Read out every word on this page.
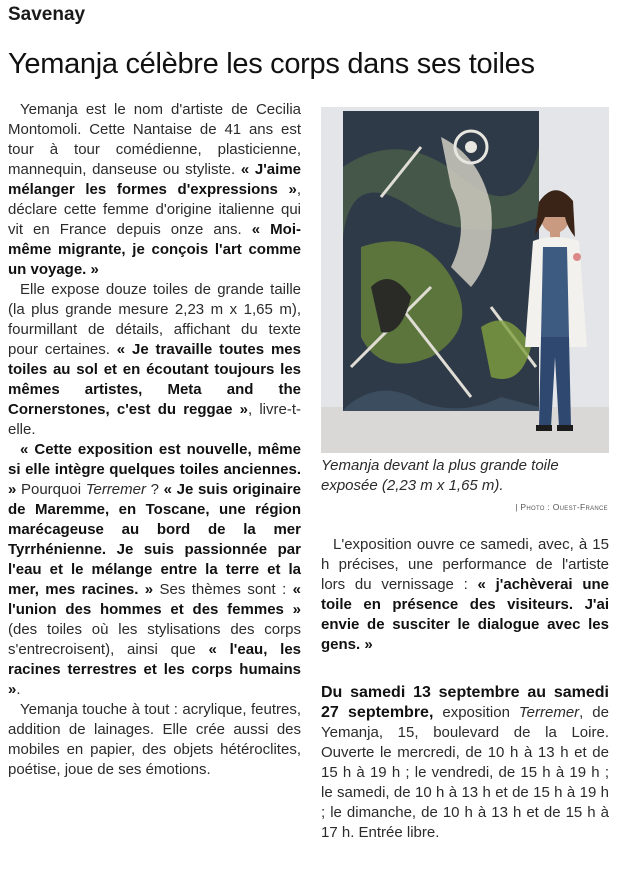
Savenay
Yemanja célèbre les corps dans ses toiles

Yemanja est le nom d'artiste de Cecilia Montomoli. Cette Nantaise de 41 ans est tour à tour comédienne, plasticienne, mannequin, danseuse ou styliste. « J'aime mélanger les formes d'expressions », déclare cette femme d'origine italienne qui vit en France depuis onze ans. « Moi-même migrante, je conçois l'art comme un voyage. »

Elle expose douze toiles de grande taille (la plus grande mesure 2,23 m x 1,65 m), fourmillant de détails, affichant du texte pour certaines. « Je travaille toutes mes toiles au sol et en écoutant toujours les mêmes artistes, Meta and the Cornerstones, c'est du reggae », livre-t-elle.

« Cette exposition est nouvelle, même si elle intègre quelques toiles anciennes. » Pourquoi Terremer ? « Je suis originaire de Maremme, en Toscane, une région marécageuse au bord de la mer Tyrrhénienne. Je suis passionnée par l'eau et le mélange entre la terre et la mer, mes racines. » Ses thèmes sont : « l'union des hommes et des femmes » (des toiles où les stylisations des corps s'entrecroisent), ainsi que « l'eau, les racines terrestres et les corps humains ».

Yemanja touche à tout : acrylique, feutres, addition de lainages. Elle crée aussi des mobiles en papier, des objets hétéroclites, poétise, joue de ses émotions.

Yemanja devant la plus grande toile exposée (2,23 m x 1,65 m).
| Photo : Ouest-France

L'exposition ouvre ce samedi, avec, à 15 h précises, une performance de l'artiste lors du vernissage : « j'achèverai une toile en présence des visiteurs. J'ai envie de susciter le dialogue avec les gens. »

Du samedi 13 septembre au samedi 27 septembre, exposition Terremer, de Yemanja, 15, boulevard de la Loire. Ouverte le mercredi, de 10 h à 13 h et de 15 h à 19 h ; le vendredi, de 15 h à 19 h ; le samedi, de 10 h à 13 h et de 15 h à 19 h ; le dimanche, de 10 h à 13 h et de 15 h à 17 h. Entrée libre.
